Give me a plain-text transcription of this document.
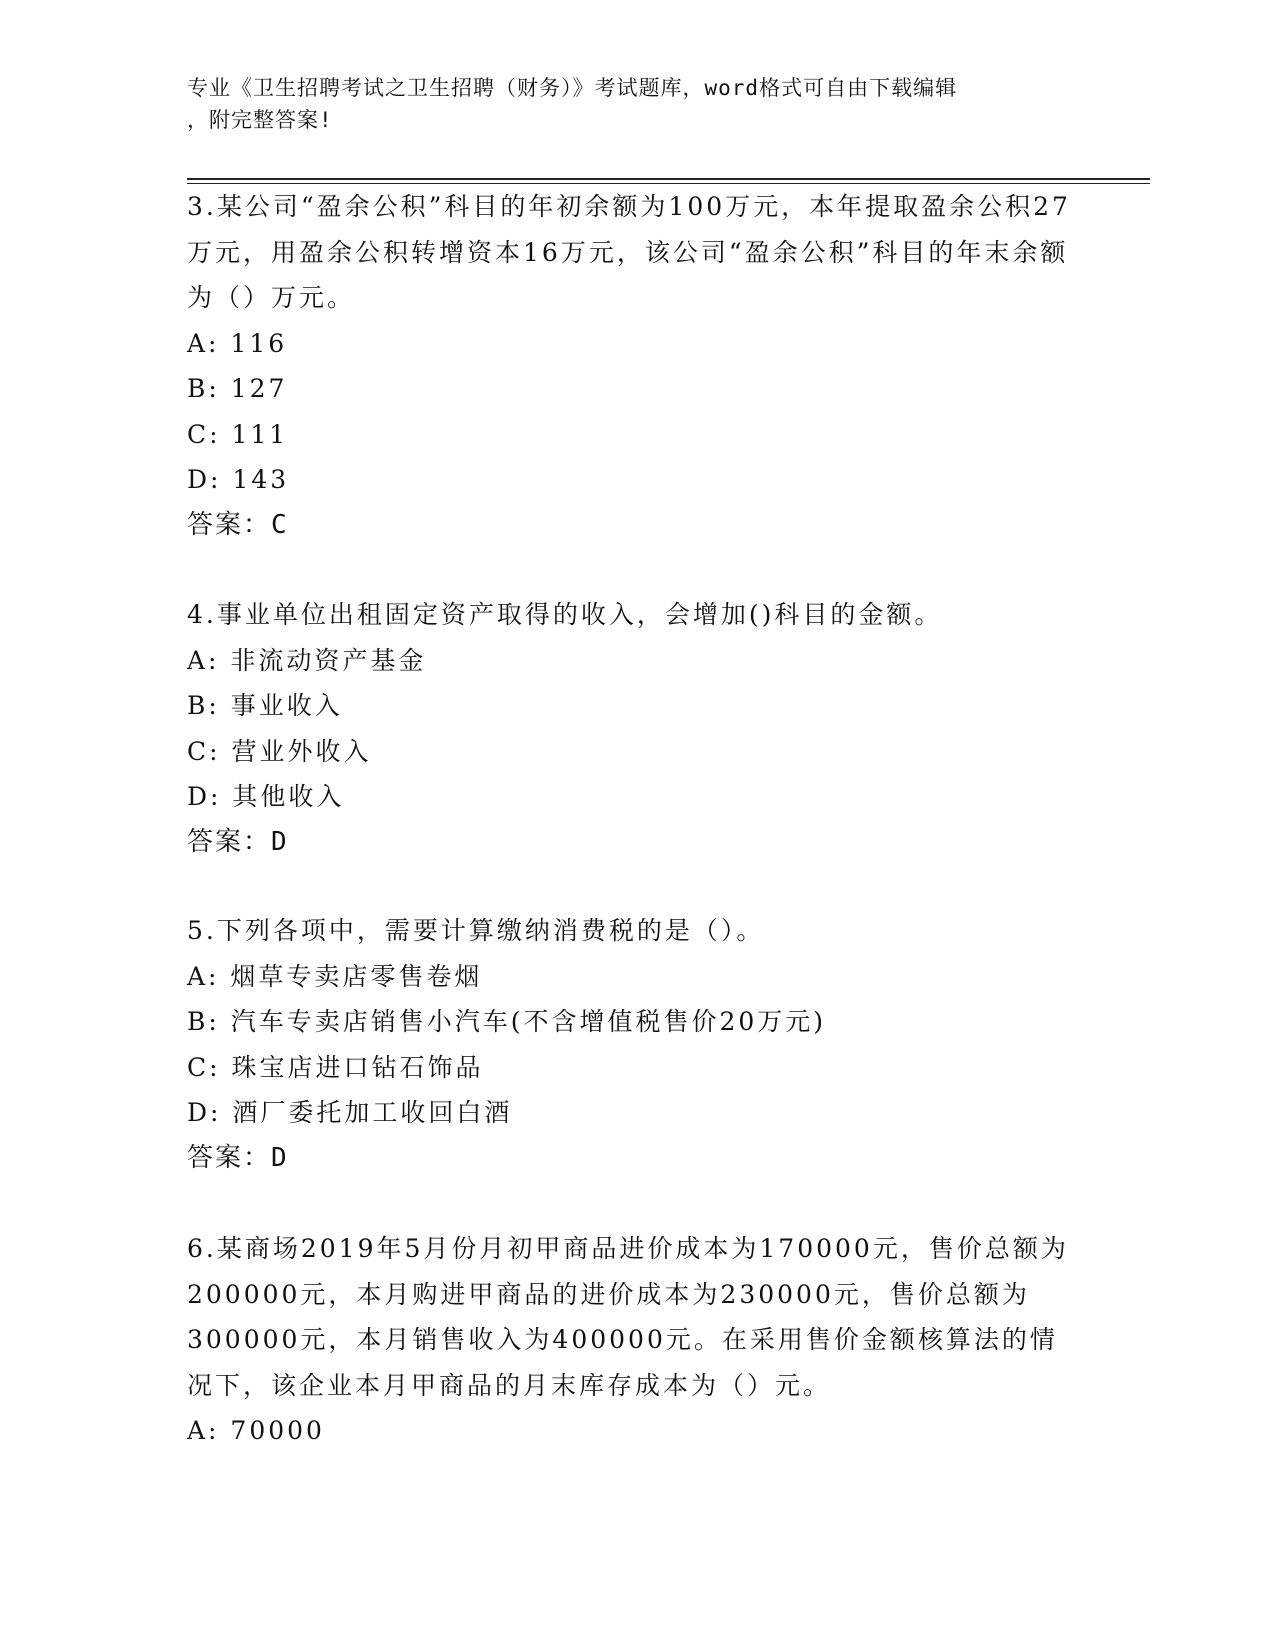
专业《卫生招聘考试之卫生招聘（财务）》考试题库，word格式可自由下载编辑
，附完整答案!
3.某公司“盈余公积”科目的年初余额为100万元，本年提取盈余公积27万元，用盈余公积转增资本16万元，该公司“盈余公积”科目的年末余额为（）万元。
A: 116
B: 127
C: 111
D: 143
答案：C
4.事业单位出租固定资产取得的收入，会增加()科目的金额。
A: 非流动资产基金
B: 事业收入
C: 营业外收入
D: 其他收入
答案：D
5.下列各项中，需要计算缴纳消费税的是（）。
A: 烟草专卖店零售卷烟
B: 汽车专卖店销售小汽车(不含增值税售价20万元)
C: 珠宝店进口钻石饰品
D: 酒厂委托加工收回白酒
答案：D
6.某商场2019年5月份月初甲商品进价成本为170000元，售价总额为200000元，本月购进甲商品的进价成本为230000元，售价总额为300000元，本月销售收入为400000元。在采用售价金额核算法的情况下，该企业本月甲商品的月末库存成本为（）元。
A: 70000
